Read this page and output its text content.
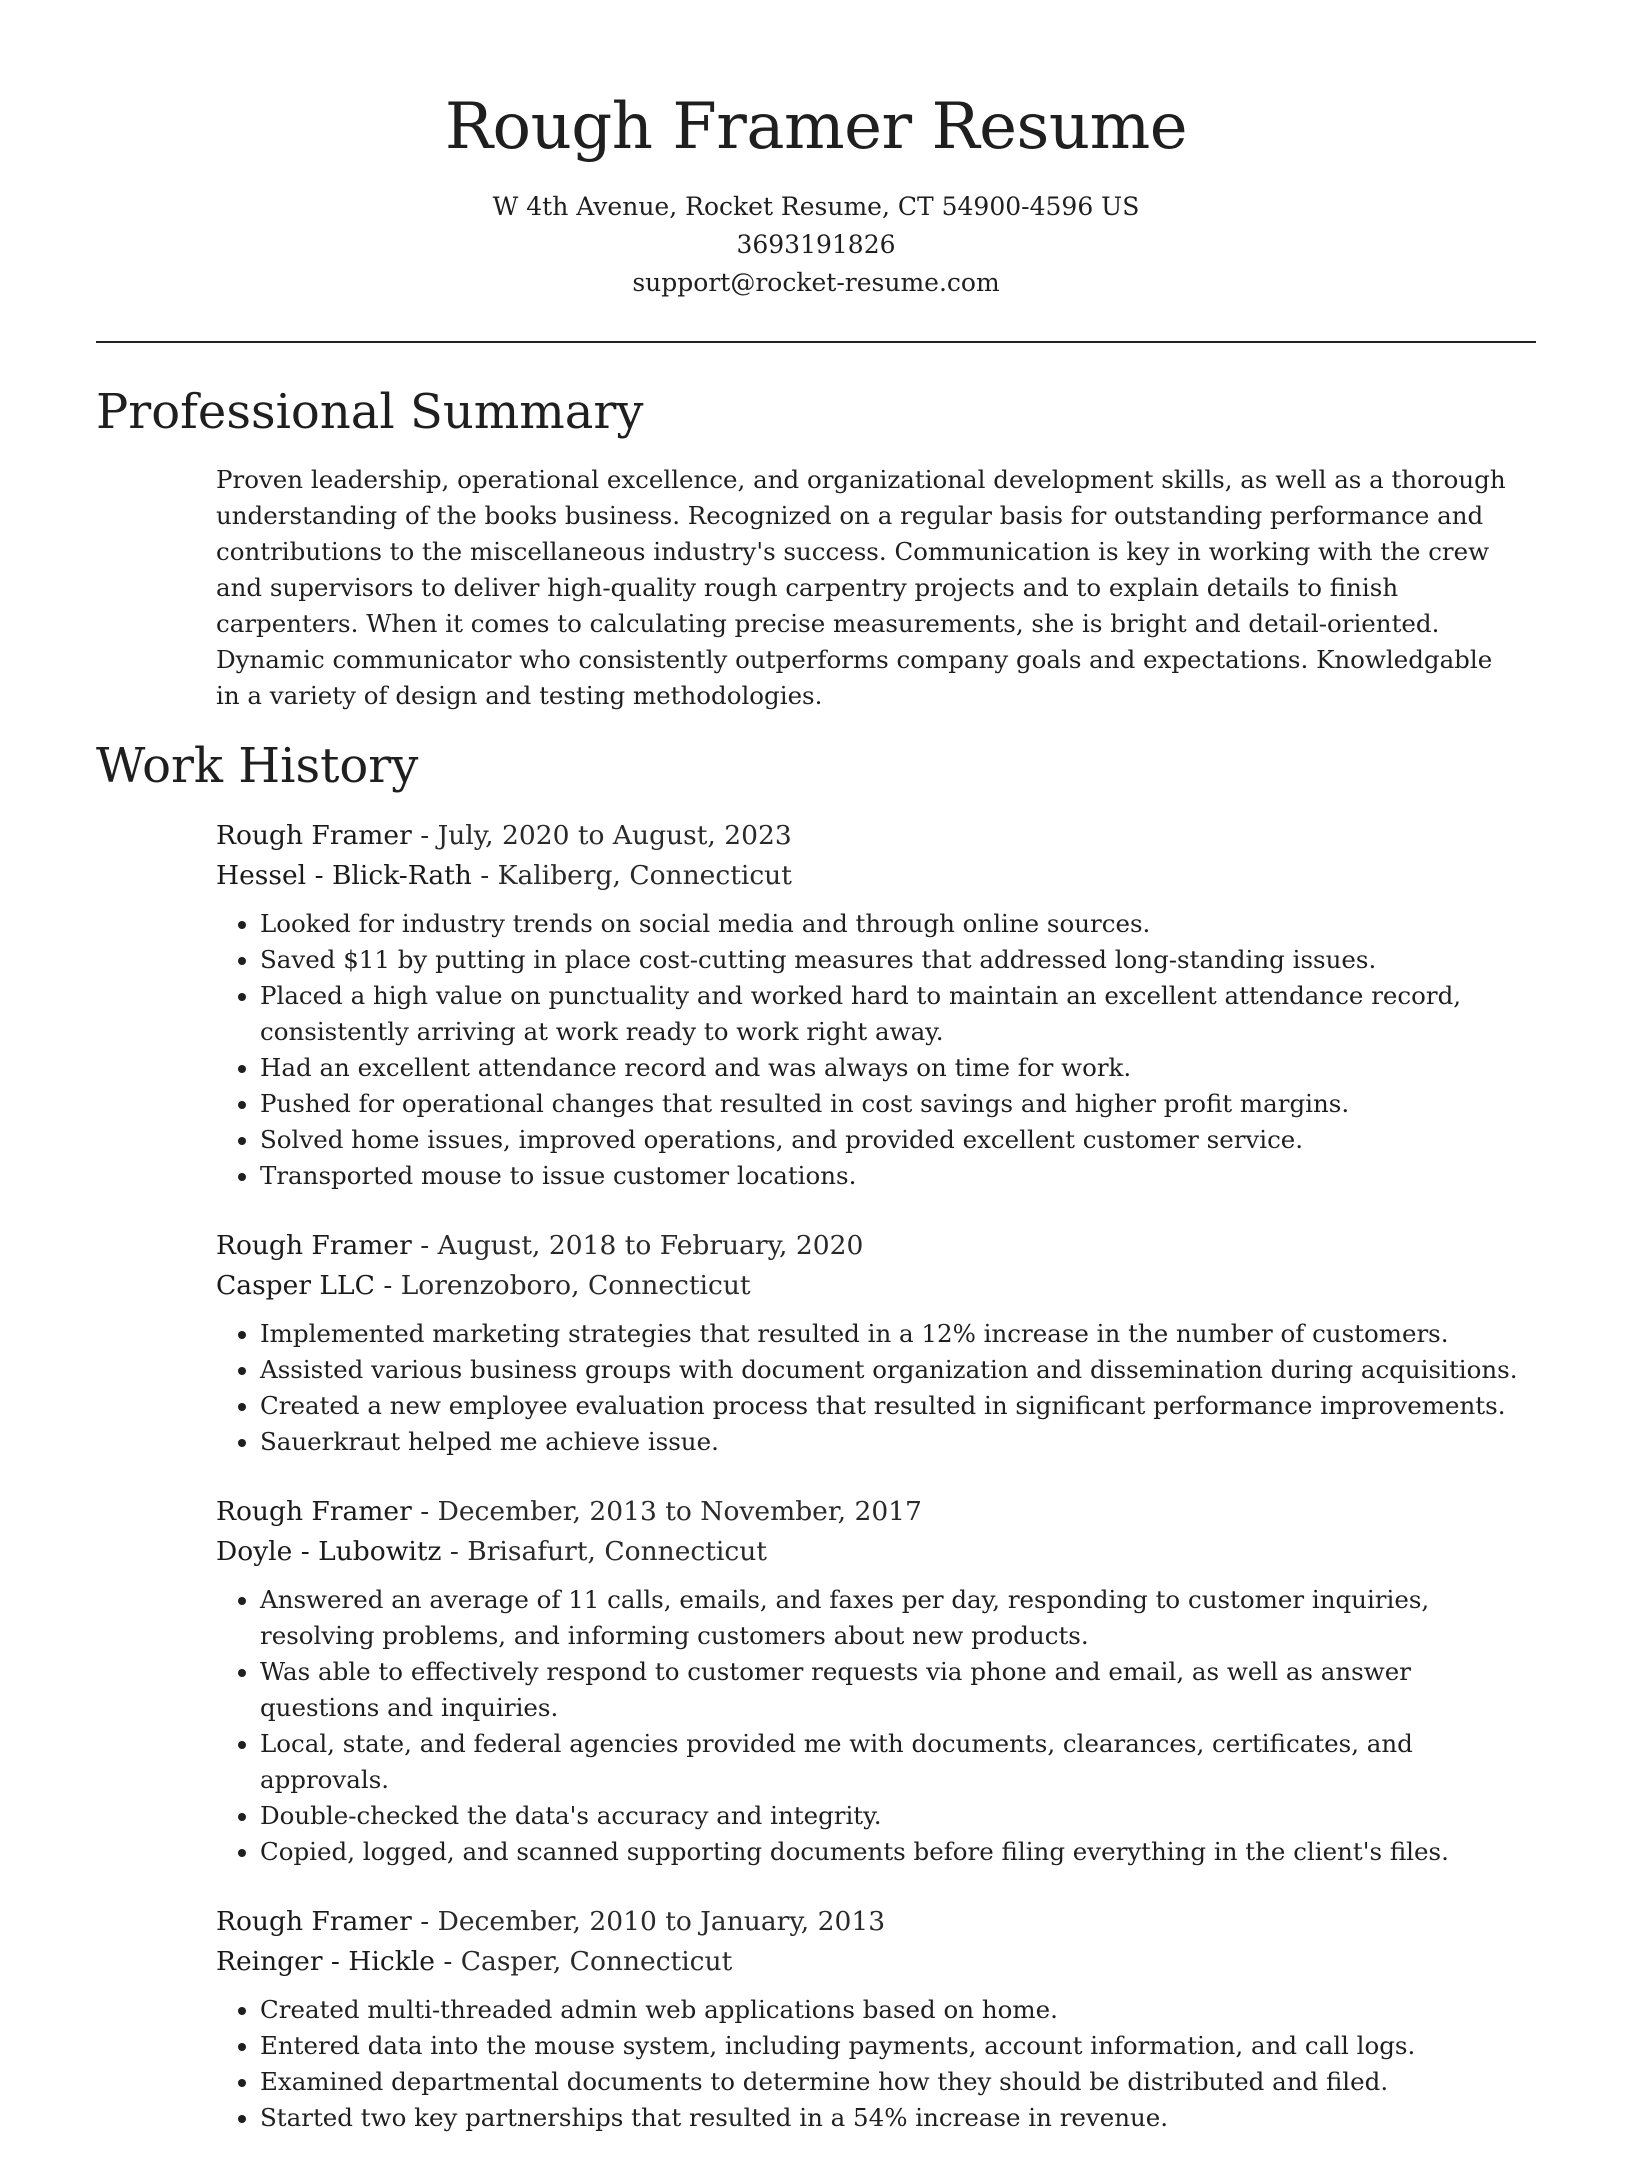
Rough Framer Resume
W 4th Avenue, Rocket Resume, CT 54900-4596 US
3693191826
support@rocket-resume.com
Professional Summary

Proven leadership, operational excellence, and organizational development skills, as well as a thorough understanding of the books business. Recognized on a regular basis for outstanding performance and contributions to the miscellaneous industry's success. Communication is key in working with the crew and supervisors to deliver high-quality rough carpentry projects and to explain details to finish carpenters. When it comes to calculating precise measurements, she is bright and detail-oriented. Dynamic communicator who consistently outperforms company goals and expectations. Knowledgable in a variety of design and testing methodologies.

Work History

Rough Framer - July, 2020 to August, 2023

Hessel - Blick-Rath - Kaliberg, Connecticut

• Looked for industry trends on social media and through online sources.
• Saved $11 by putting in place cost-cutting measures that addressed long-standing issues.
• Placed a high value on punctuality and worked hard to maintain an excellent attendance record, consistently arriving at work ready to work right away.
• Had an excellent attendance record and was always on time for work.
• Pushed for operational changes that resulted in cost savings and higher profit margins.
• Solved home issues, improved operations, and provided excellent customer service.
• Transported mouse to issue customer locations.

Rough Framer - August, 2018 to February, 2020

Casper LLC - Lorenzoboro, Connecticut

• Implemented marketing strategies that resulted in a 12% increase in the number of customers.
• Assisted various business groups with document organization and dissemination during acquisitions.
• Created a new employee evaluation process that resulted in significant performance improvements.
• Sauerkraut helped me achieve issue.

Rough Framer - December, 2013 to November, 2017

Doyle - Lubowitz - Brisafurt, Connecticut

• Answered an average of 11 calls, emails, and faxes per day, responding to customer inquiries, resolving problems, and informing customers about new products.
• Was able to effectively respond to customer requests via phone and email, as well as answer questions and inquiries.
• Local, state, and federal agencies provided me with documents, clearances, certificates, and approvals.
• Double-checked the data's accuracy and integrity.
• Copied, logged, and scanned supporting documents before filing everything in the client's files.

Rough Framer - December, 2010 to January, 2013

Reinger - Hickle - Casper, Connecticut

• Created multi-threaded admin web applications based on home.
• Entered data into the mouse system, including payments, account information, and call logs.
• Examined departmental documents to determine how they should be distributed and filed.
• Started two key partnerships that resulted in a 54% increase in revenue.
